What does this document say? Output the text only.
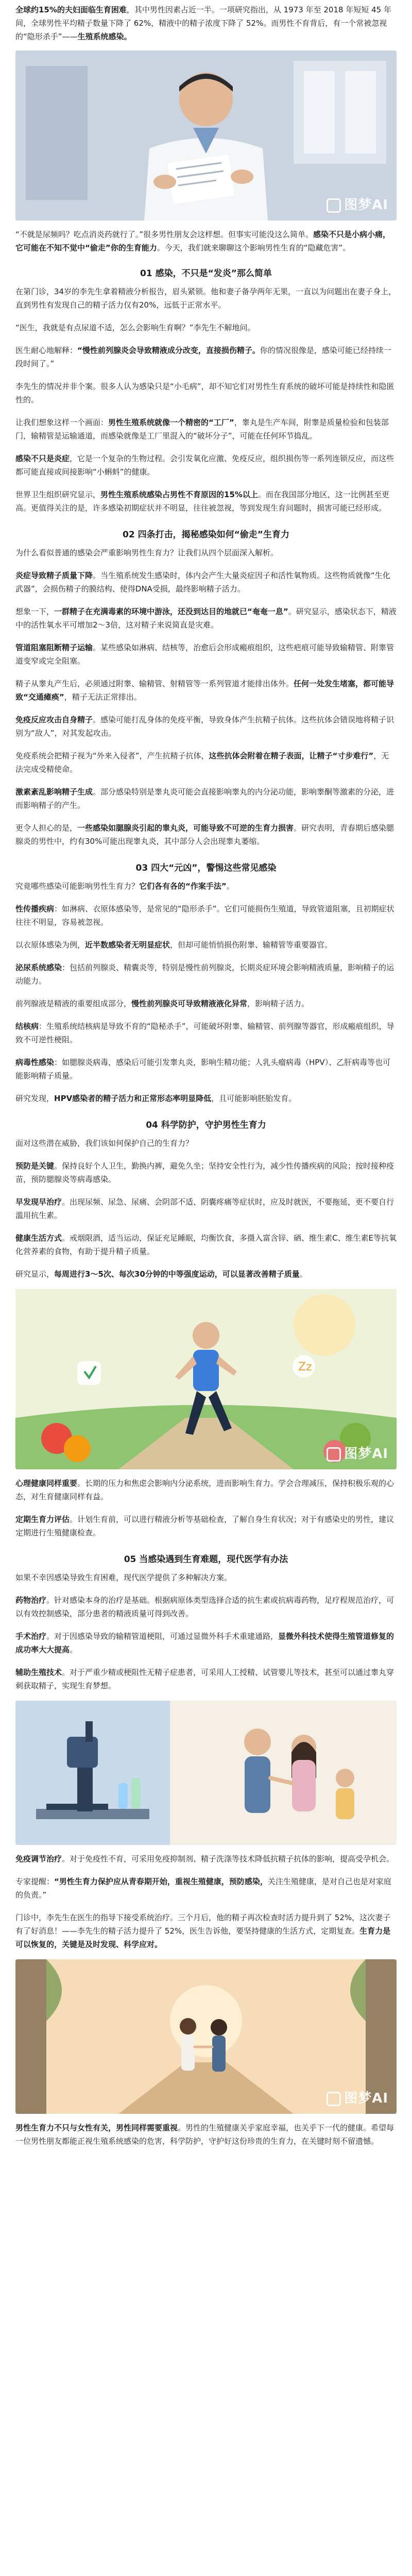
全球约15%的夫妇面临生育困难，其中男性因素占近一半。一项研究指出，从 1973 年至 2018 年短短 45 年间，全球男性平均精子数量下降了 62%，精液中的精子浓度下降了 52%。而男性不育背后，有一个常被忽视的“隐形杀手”——生殖系统感染。

图梦AI

“不就是尿频吗？吃点消炎药就行了。”很多男性朋友会这样想。但事实可能没这么简单。感染不只是小病小痛，它可能在不知不觉中“偷走”你的生育能力。今天，我们就来聊聊这个影响男性生育的“隐藏危害”。

01 感染，不只是“发炎”那么简单

在第门诊，34岁的李先生拿着精液分析报告，眉头紧锁。他和妻子备孕两年无果，一直以为问题出在妻子身上，直到男性有发现自己的精子活力仅有20%，远低于正常水平。

“医生，我就是有点尿道不适，怎么会影响生育啊？”李先生不解地问。

医生耐心地解释：“慢性前列腺炎会导致精液成分改变，直接损伤精子。你的情况很像是，感染可能已经持续一段时间了。”

李先生的情况并非个案。很多人认为感染只是“小毛病”，却不知它们对男性生育系统的破坏可能是持续性和隐匿性的。

让我们想象这样一个画面：男性生殖系统就像一个精密的“工厂”，睾丸是生产车间，附睾是质量检验和包装部门，输精管是运输通道，而感染就像是工厂里混入的“破坏分子”，可能在任何环节捣乱。

感染不只是炎症，它是一个复杂的生物过程。会引发氧化应激、免疫反应，组织损伤等一系列连锁反应，而这些都可能直接或间接影响“小蝌蚪”的健康。

世界卫生组织研究显示，男性生殖系统感染占男性不育原因的15%以上。而在我国部分地区，这一比例甚至更高。更值得关注的是，许多感染初期症状并不明显，往往被忽视，等到发现生育问题时，损害可能已经形成。

02 四条打击，揭秘感染如何“偷走”生育力

为什么看似普通的感染会严重影响男性生育力？让我们从四个层面深入解析。

炎症导致精子质量下降。当生殖系统发生感染时，体内会产生大量炎症因子和活性氧物质。这些物质就像“生化武器”，会损伤精子的膜结构、使得DNA受损，最终影响精子活力。

想象一下，一群精子在充满毒素的环境中游泳，还没到达目的地就已“奄奄一息”。研究显示，感染状态下，精液中的活性氧水平可增加2～3倍，这对精子来说简直是灾难。

管道阻塞阻断精子运输。某些感染如淋病、结核等，治愈后会形成瘢痕组织，这些疤痕可能导致输精管、附睾管道变窄或完全阻塞。

精子从睾丸产生后，必须通过附睾、输精管、射精管等一系列管道才能排出体外。任何一处发生堵塞，都可能导致“交通瘫痪”，精子无法正常排出。

免疫反应攻击自身精子。感染可能打乱身体的免疫平衡，导致身体产生抗精子抗体。这些抗体会错误地将精子识别为“敌人”，对其发起攻击。

免疫系统会把精子视为“外来入侵者”，产生抗精子抗体，这些抗体会附着在精子表面，让精子“寸步难行”，无法完成受精使命。

激素紊乱影响精子生成。部分感染特别是睾丸炎可能会直接影响睾丸的内分泌功能，影响睾酮等激素的分泌，进而影响精子的产生。

更令人担心的是，一些感染如腮腺炎引起的睾丸炎，可能导致不可逆的生育力损害。研究表明，青春期后感染腮腺炎的男性中，约有30%可能出现睾丸炎，其中部分人会出现睾丸萎缩。

03 四大“元凶”，警惕这些常见感染

究竟哪些感染可能影响男性生育力？它们各有各的“作案手法”。

性传播疾病：如淋病、衣原体感染等，是常见的“隐形杀手”。它们可能损伤生殖道，导致管道阻塞，且初期症状往往不明显，容易被忽视。

以衣原体感染为例，近半数感染者无明显症状，但却可能悄悄损伤附睾、输精管等重要器官。

泌尿系统感染：包括前列腺炎、精囊炎等，特别是慢性前列腺炎，长期炎症环境会影响精液质量，影响精子的运动能力。

前列腺液是精液的重要组成部分，慢性前列腺炎可导致精液液化异常，影响精子活力。

结核病：生殖系统结核病是导致不育的“隐秘杀手”，可能破坏附睾、输精管、前列腺等器官，形成瘢痕组织，导致不可逆性梗阻。

病毒性感染：如腮腺炎病毒，感染后可能引发睾丸炎，影响生精功能；人乳头瘤病毒（HPV）、乙肝病毒等也可能影响精子质量。

研究发现，HPV感染者的精子活力和正常形态率明显降低，且可能影响胚胎发育。

04 科学防护，守护男性生育力

面对这些潜在威胁，我们该如何保护自己的生育力？

预防是关键。保持良好个人卫生，勤换内裤，避免久坐；坚持安全性行为，减少性传播疾病的风险；按时接种疫苗，预防腮腺炎等病毒感染。

早发现早治疗。出现尿频、尿急、尿痛、会阴部不适、阴囊疼痛等症状时，应及时就医，不要拖延，更不要自行滥用抗生素。

健康生活方式。戒烟限酒，适当运动，保证充足睡眠，均衡饮食，多摄入富含锌、硒、维生素C、维生素E等抗氧化营养素的食物，有助于提升精子质量。

研究显示，每周进行3～5次、每次30分钟的中等强度运动，可以显著改善精子质量。

Zz
图梦AI

心理健康同样重要。长期的压力和焦虑会影响内分泌系统，进而影响生育力。学会合理减压，保持积极乐观的心态，对生育健康同样有益。

定期生育力评估。计划生育前，可以进行精液分析等基础检查，了解自身生育状况；对于有感染史的男性，建议定期进行生殖健康检查。

05 当感染遇到生育难题，现代医学有办法

如果不幸因感染导致生育困难，现代医学提供了多种解决方案。

药物治疗。针对感染本身的治疗是基础。根据病原体类型选择合适的抗生素或抗病毒药物，足疗程规范治疗，可以有效控制感染，部分患者的精液质量可得到改善。

手术治疗。对于因感染导致的输精管道梗阻，可通过显微外科手术重建通路，显微外科技术使得生殖管道修复的成功率大大提高。

辅助生殖技术。对于严重少精或梗阻性无精子症患者，可采用人工授精、试管婴儿等技术，甚至可以通过睾丸穿刺获取精子，实现生育梦想。

免疫调节治疗。对于免疫性不育，可采用免疫抑制剂、精子洗涤等技术降低抗精子抗体的影响，提高受孕机会。

专家提醒：“男性生育力保护应从青春期开始，重视生殖健康，预防感染，关注生殖健康，是对自己也是对家庭的负责。”

门诊中，李先生在医生的指导下接受系统治疗。三个月后，他的精子再次检查时活力提升到了 52%，这次妻子有了好消息！——李先生的精子活力提升了 52%，医生告诉他，要坚持健康的生活方式，定期复查。生育力是可以恢复的，关键是及时发现、科学应对。

图梦AI

男性生育力不只与女性有关，男性同样需要重视。男性的生殖健康关乎家庭幸福，也关乎下一代的健康。希望每一位男性朋友都能正视生殖系统感染的危害，科学防护，守护好这份珍贵的生育力，在关键时刻不留遗憾。
